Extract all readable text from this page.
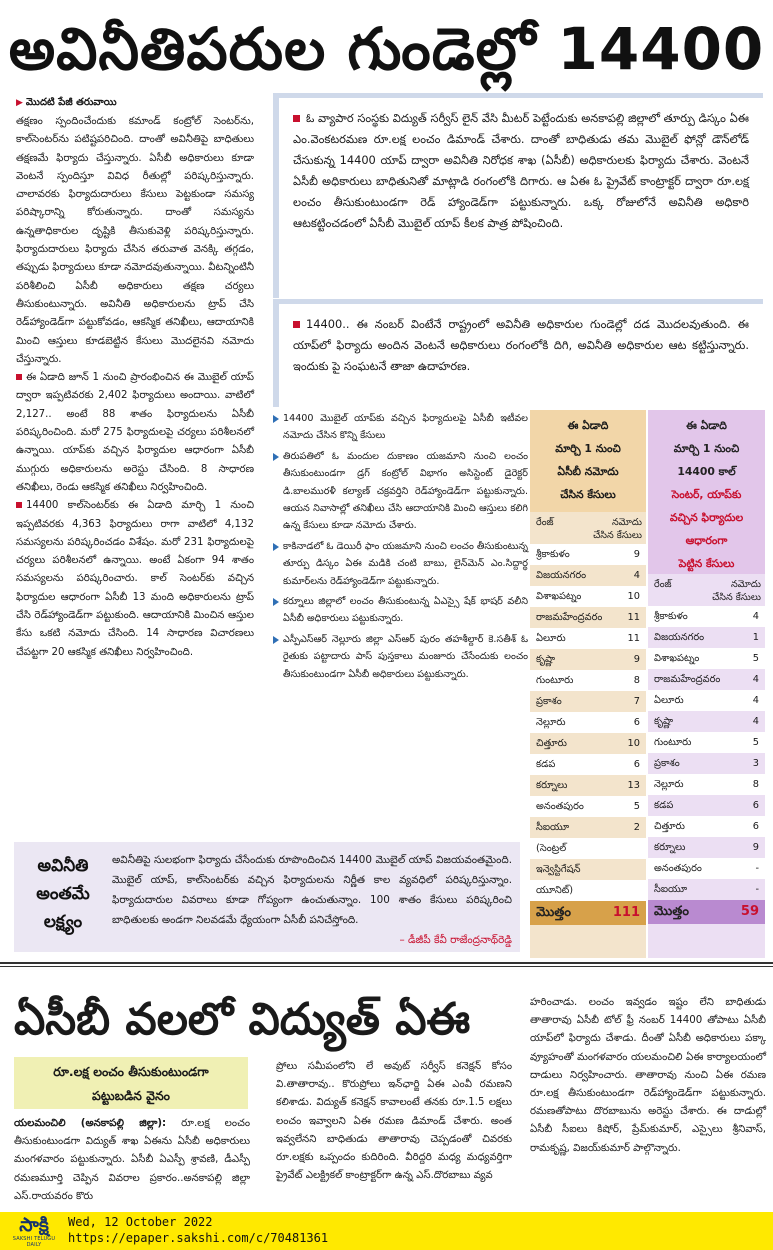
అవినీతిపరుల గుండెల్లో 14400
▶ మొదటి పేజీ తరువాయి

తక్షణం స్పందించేందుకు కమాండ్ కంట్రోల్ సెంటర్‌ను, కాల్‌సెంటర్‌ను పటిష్టపరిచింది. దాంతో అవినీతిపై బాధితులు తక్షణమే ఫిర్యాదు చేస్తున్నారు. ఏసీబీ అధికారులు కూడా వెంటనే స్పందిస్తూ వివిధ రీతుల్లో పరిష్కరిస్తున్నారు. చాలావరకు ఫిర్యాదుదారులు కేసులు పెట్టకుండా సమస్య పరిష్కారాన్ని కోరుతున్నారు. దాంతో సమస్యను ఉన్నతాధికారుల దృష్టికి తీసుకువెళ్లి పరిష్కరిస్తున్నారు. ఫిర్యాదుదారులు ఫిర్యాదు చేసిన తరువాత వెనక్కి తగ్గడం, తప్పుడు ఫిర్యాదులు కూడా నమోదవుతున్నాయి. వీటన్నింటినీ పరిశీలించి ఏసీబీ అధికారులు తక్షణ చర్యలు తీసుకుంటున్నారు. అవినీతి అధికారులను ట్రాప్ చేసి రెడ్‌హ్యాండెడ్‌గా పట్టుకోవడం, ఆకస్మిక తనిఖీలు, ఆదాయానికి మించి ఆస్తులు కూడబెట్టిన కేసులు మొదలైనవి నమోదు చేస్తున్నారు.

ఈ ఏడాది జూన్ 1 నుంచి ప్రారంభించిన ఈ మొబైల్ యాప్ ద్వారా ఇప్పటివరకు 2,402 ఫిర్యాదులు అందాయి. వాటిలో 2,127.. అంటే 88 శాతం ఫిర్యాదులను ఏసీబీ పరిష్కరించింది. మరో 275 ఫిర్యాదులపై చర్యలు పరిశీలనలో ఉన్నాయి. యాప్‌కు వచ్చిన ఫిర్యాదుల ఆధారంగా ఏసీబీ ముగ్గురు అధికారులను అరెస్టు చేసింది. 8 సాధారణ తనిఖీలు, రెండు ఆకస్మిక తనిఖీలు నిర్వహించింది.

14400 కాల్‌సెంటర్‌కు ఈ ఏడాది మార్చి 1 నుంచి ఇప్పటివరకు 4,363 ఫిర్యాదులు రాగా వాటిలో 4,132 సమస్యలను పరిష్కరించడం విశేషం. మరో 231 ఫిర్యాదులపై చర్యలు పరిశీలనలో ఉన్నాయి. అంటే ఏకంగా 94 శాతం సమస్యలను పరిష్కరించారు. కాల్ సెంటర్‌కు వచ్చిన ఫిర్యాదుల ఆధారంగా ఏసీబీ 13 మంది అధికారులను ట్రాప్ చేసి రెడ్‌హ్యాండెడ్‌గా పట్టుకుంది. ఆదాయానికి మించిన ఆస్తుల కేసు ఒకటి నమోదు చేసింది. 14 సాధారణ విచారణలు చేపట్టగా 20 ఆకస్మిక తనిఖీలు నిర్వహించింది.

ఓ వ్యాపార సంస్థకు విద్యుత్ సర్వీస్ లైన్ వేసి మీటర్ పెట్టేందుకు అనకాపల్లి జిల్లాలో తూర్పు డిస్కం ఏఈ ఎం.వెంకటరమణ రూ.లక్ష లంచం డిమాండ్ చేశారు. దాంతో బాధితుడు తమ మొబైల్ ఫోన్లో డౌన్‌లోడ్ చేసుకున్న 14400 యాప్ ద్వారా అవినీతి నిరోధక శాఖ (ఏసీబీ) అధికారులకు ఫిర్యాదు చేశారు. వెంటనే ఏసీబీ అధికారులు బాధితునితో మాట్లాడి రంగంలోకి దిగారు. ఆ ఏఈ ఓ ప్రైవేట్ కాంట్రాక్టర్ ద్వారా రూ.లక్ష లంచం తీసుకుంటుండగా రెడ్ హ్యాండెడ్‌గా పట్టుకున్నారు. ఒక్క రోజులోనే అవినీతి అధికారి ఆటకట్టించడంలో ఏసీబీ మొబైల్ యాప్ కీలక పాత్ర పోషించింది.
14400.. ఈ నంబర్ వింటేనే రాష్ట్రంలో అవినీతి అధికారుల గుండెల్లో దడ మొదలవుతుంది. ఈ యాప్‌లో ఫిర్యాదు అందిన వెంటనే అధికారులు రంగంలోకి దిగి, అవినీతి అధికారుల ఆట కట్టిస్తున్నారు. ఇందుకు పై సంఘటనే తాజా ఉదాహరణ.
14400 మొబైల్ యాప్‌కు వచ్చిన ఫిర్యాదులపై ఏసీబీ ఇటీవల నమోదు చేసిన కొన్ని కేసులు
తిరుపతిలో ఓ మందుల దుకాణం యజమాని నుంచి లంచం తీసుకుంటుండగా డ్రగ్ కంట్రోల్ విభాగం అసిస్టెంట్ డైరెక్టర్ డి.బాలమురళీ కల్యాణ్ చక్రవర్తిని రెడ్‌హ్యాండెడ్‌గా పట్టుకున్నారు. ఆయన నివాసాల్లో తనిఖీలు చేసి ఆదాయానికి మించి ఆస్తులు కలిగి ఉన్న కేసులు కూడా నమోదు చేశారు.
కాకినాడలో ఓ డెయిరీ ఫాం యజమాని నుంచి లంచం తీసుకుంటున్న తూర్పు డిస్కం ఏఈ మడికి చంటి బాబు, లైన్‌మెన్ ఎం.సిద్దార్థ కుమార్‌లను రెడ్‌హ్యాండెడ్‌గా పట్టుకున్నారు.
కర్నూలు జిల్లాలో లంచం తీసుకుంటున్న ఏఎస్సై షేక్ భాషర్ వలీని ఏసీబీ అధికారులు పట్టుకున్నారు.
ఎస్పీఎస్‌ఆర్ నెల్లూరు జిల్లా ఎస్‌ఆర్ పురం తహశీల్దార్ కె.సతీశ్ ఓ రైతుకు పట్టాదారు పాస్ పుస్తకాలు మంజూరు చేసేందుకు లంచం తీసుకుంటుండగా ఏసీబీ అధికారులు పట్టుకున్నారు.
ఈ ఏడాది
మార్చి 1 నుంచి
ఏసీబీ నమోదు
చేసిన కేసులు
రేంజ్	నమోదు చేసిన కేసులు
శ్రీకాకుళం	9
విజయనగరం	4
విశాఖపట్నం	10
రాజమహేంద్రవరం	11
ఏలూరు	11
కృష్ణా	9
గుంటూరు	8
ప్రకాశం	7
నెల్లూరు	6
చిత్తూరు	10
కడప	6
కర్నూలు	13
అనంతపురం	5
సీఐయూ	2
(సెంట్రల్
ఇన్వెస్టిగేషన్
యూనిట్)
మొత్తం	111
ఈ ఏడాది
మార్చి 1 నుంచి
14400 కాల్
సెంటర్, యాప్‌కు
వచ్చిన ఫిర్యాదుల
ఆధారంగా
పెట్టిన కేసులు
రేంజ్	నమోదు చేసిన కేసులు
శ్రీకాకుళం	4
విజయనగరం	1
విశాఖపట్నం	5
రాజమహేంద్రవరం	4
ఏలూరు	4
కృష్ణా	4
గుంటూరు	5
ప్రకాశం	3
నెల్లూరు	8
కడప	6
చిత్తూరు	6
కర్నూలు	9
అనంతపురం	-
సీఐయూ	-
మొత్తం	59
అవినీతి
అంతమే
లక్ష్యం
అవినీతిపై సులభంగా ఫిర్యాదు చేసేందుకు రూపొందించిన 14400 మొబైల్ యాప్ విజయవంతమైంది. మొబైల్ యాప్, కాల్‌సెంటర్‌కు వచ్చిన ఫిర్యాదులను నిర్ణీత కాల వ్యవధిలో పరిష్కరిస్తున్నాం. ఫిర్యాదుదారుల వివరాలు కూడా గోప్యంగా ఉంచుతున్నాం. 100 శాతం కేసులు పరిష్కరించి బాధితులకు అండగా నిలవడమే ధ్యేయంగా ఏసీబీ పనిచేస్తోంది.
– డీజీపీ కేవీ రాజేంద్రనాథ్‌రెడ్డి
ఏసీబీ వలలో విద్యుత్ ఏఈ
రూ.లక్ష లంచం తీసుకుంటుండగా
పట్టుబడిన వైనం
యలమంచిలి (అనకాపల్లి జిల్లా): రూ.లక్ష లంచం తీసుకుంటుండగా విద్యుత్ శాఖ ఏఈను ఏసీబీ అధికారులు మంగళవారం పట్టుకున్నారు. ఏసీబీ ఏఎస్పీ శ్రావణి, డీఎస్పీ రమణమూర్తి చెప్పిన వివరాల ప్రకారం..అనకాపల్లి జిల్లా ఎస్.రాయవరం కొరు
ప్రోలు సమీపంలోని లే అవుట్ సర్వీస్ కనెక్షన్ కోసం వి.తాతారావు.. కొరుప్రోలు ఇన్‌ఛార్జి ఏఈ ఎంవీ రమణని కలిశాడు. విద్యుత్ కనెక్షన్ కావాలంటే తనకు రూ.1.5 లక్షలు లంచం ఇవ్వాలని ఏఈ రమణ డిమాండ్ చేశారు. అంత ఇవ్వలేనని బాధితుడు తాతారావు చెప్పడంతో చివరకు రూ.లక్షకు ఒప్పందం కుదిరింది. వీరిద్దరి మధ్య మధ్యవర్తిగా ప్రైవేట్ ఎలక్ట్రికల్ కాంట్రాక్టర్‌గా ఉన్న ఎస్.దొరబాబు వ్యవ
హరించాడు. లంచం ఇవ్వడం ఇష్టం లేని బాధితుడు తాతారావు ఏసీబీ టోల్ ఫ్రీ నంబర్ 14400 తోపాటు ఏసీబీ యాప్‌లో ఫిర్యాదు చేశాడు. దీంతో ఏసీబీ అధికారులు పక్కా వ్యూహంతో మంగళవారం యలమంచిలి ఏఈ కార్యాలయంలో దాడులు నిర్వహించారు. తాతారావు నుంచి ఏఈ రమణ రూ.లక్ష తీసుకుంటుండగా రెడ్‌హ్యాండెడ్‌గా పట్టుకున్నారు. రమణతోపాటు దొరబాబును అరెస్టు చేశారు. ఈ దాడుల్లో ఏసీబీ సీఐలు కిషోర్, ప్రేమ్‌కుమార్, ఎస్సైలు శ్రీనివాస్, రామకృష్ణ, విజయ్‌కుమార్ పాల్గొన్నారు.
సాక్షి
SAKSHI TELUGU DAILY
Wed, 12 October 2022
https://epaper.sakshi.com/c/70481361
